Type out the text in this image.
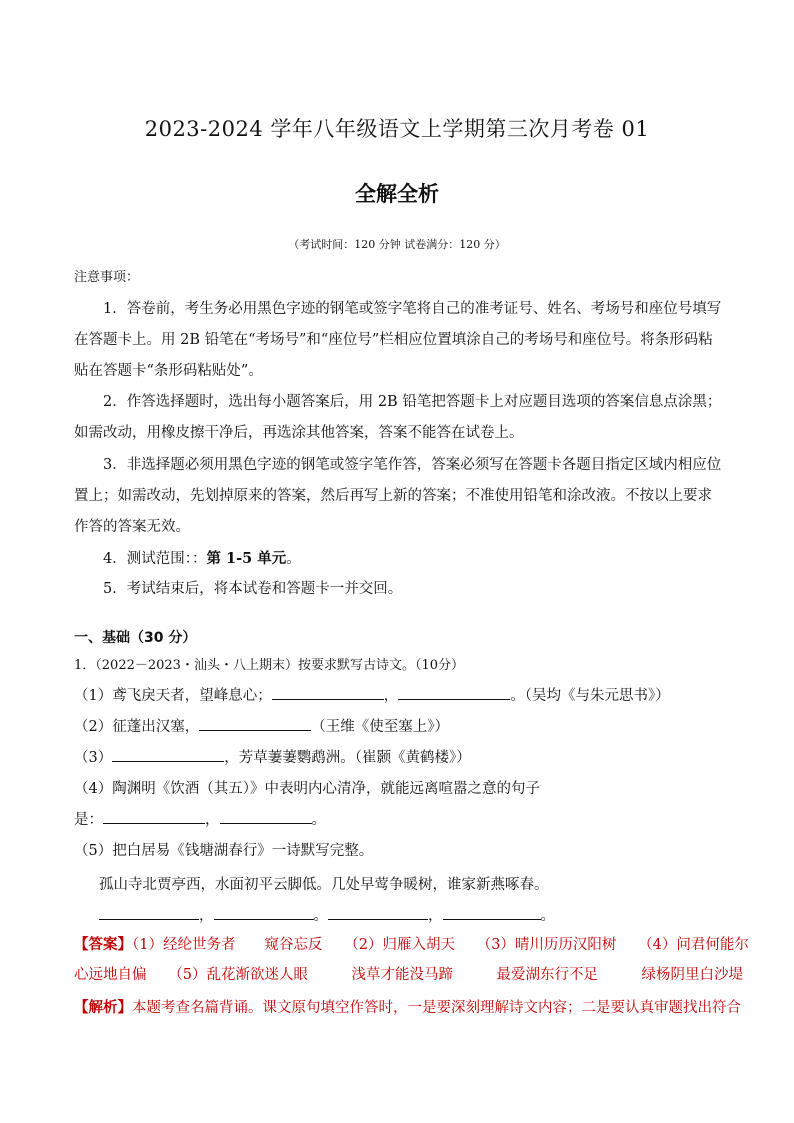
2023-2024 学年八年级语文上学期第三次月考卷 01
全解全析
（考试时间：120 分钟 试卷满分：120 分）
注意事项：
1．答卷前，考生务必用黑色字迹的钢笔或签字笔将自己的准考证号、姓名、考场号和座位号填写在答题卡上。用 2B 铅笔在“考场号”和“座位号”栏相应位置填涂自己的考场号和座位号。将条形码粘贴在答题卡“条形码粘贴处”。
2．作答选择题时，选出每小题答案后，用 2B 铅笔把答题卡上对应题目选项的答案信息点涂黑；如需改动，用橡皮擦干净后，再选涂其他答案，答案不能答在试卷上。
3．非选择题必须用黑色字迹的钢笔或签字笔作答，答案必须写在答题卡各题目指定区域内相应位置上；如需改动，先划掉原来的答案，然后再写上新的答案；不准使用铅笔和涂改液。不按以上要求作答的答案无效。
4．测试范围：：第 1-5 单元。
5．考试结束后，将本试卷和答题卡一并交回。
一、基础（30 分）
1．（2022－2023・汕头・八上期末）按要求默写古诗文。（10分）
（1）鸢飞戾天者，望峰息心；	，	。（吴均《与朱元思书》）
（2）征蓬出汉塞，	（王维《使至塞上》）
（3）	，芳草萋萋鹦鹉洲。（崔颢《黄鹤楼》）
（4）陶渊明《饮酒（其五）》中表明内心清净，就能远离喧嚣之意的句子
是：	，	。
（5）把白居易《钱塘湖春行》一诗默写完整。
孤山寺北贾亭西，水面初平云脚低。几处早莺争暖树，谁家新燕啄春。
，	。	，	。
【答案】（1）经纶世务者　　窥谷忘反　　（2）归雁入胡天　　（3）晴川历历汉阳树　　（4）问君何能尔
心远地自偏　　（5）乱花渐欲迷人眼　　　浅草才能没马蹄　　　最爱湖东行不足　　　绿杨阴里白沙堤
【解析】本题考查名篇背诵。课文原句填空作答时，一是要深刻理解诗文内容；二是要认真审题找出符合
